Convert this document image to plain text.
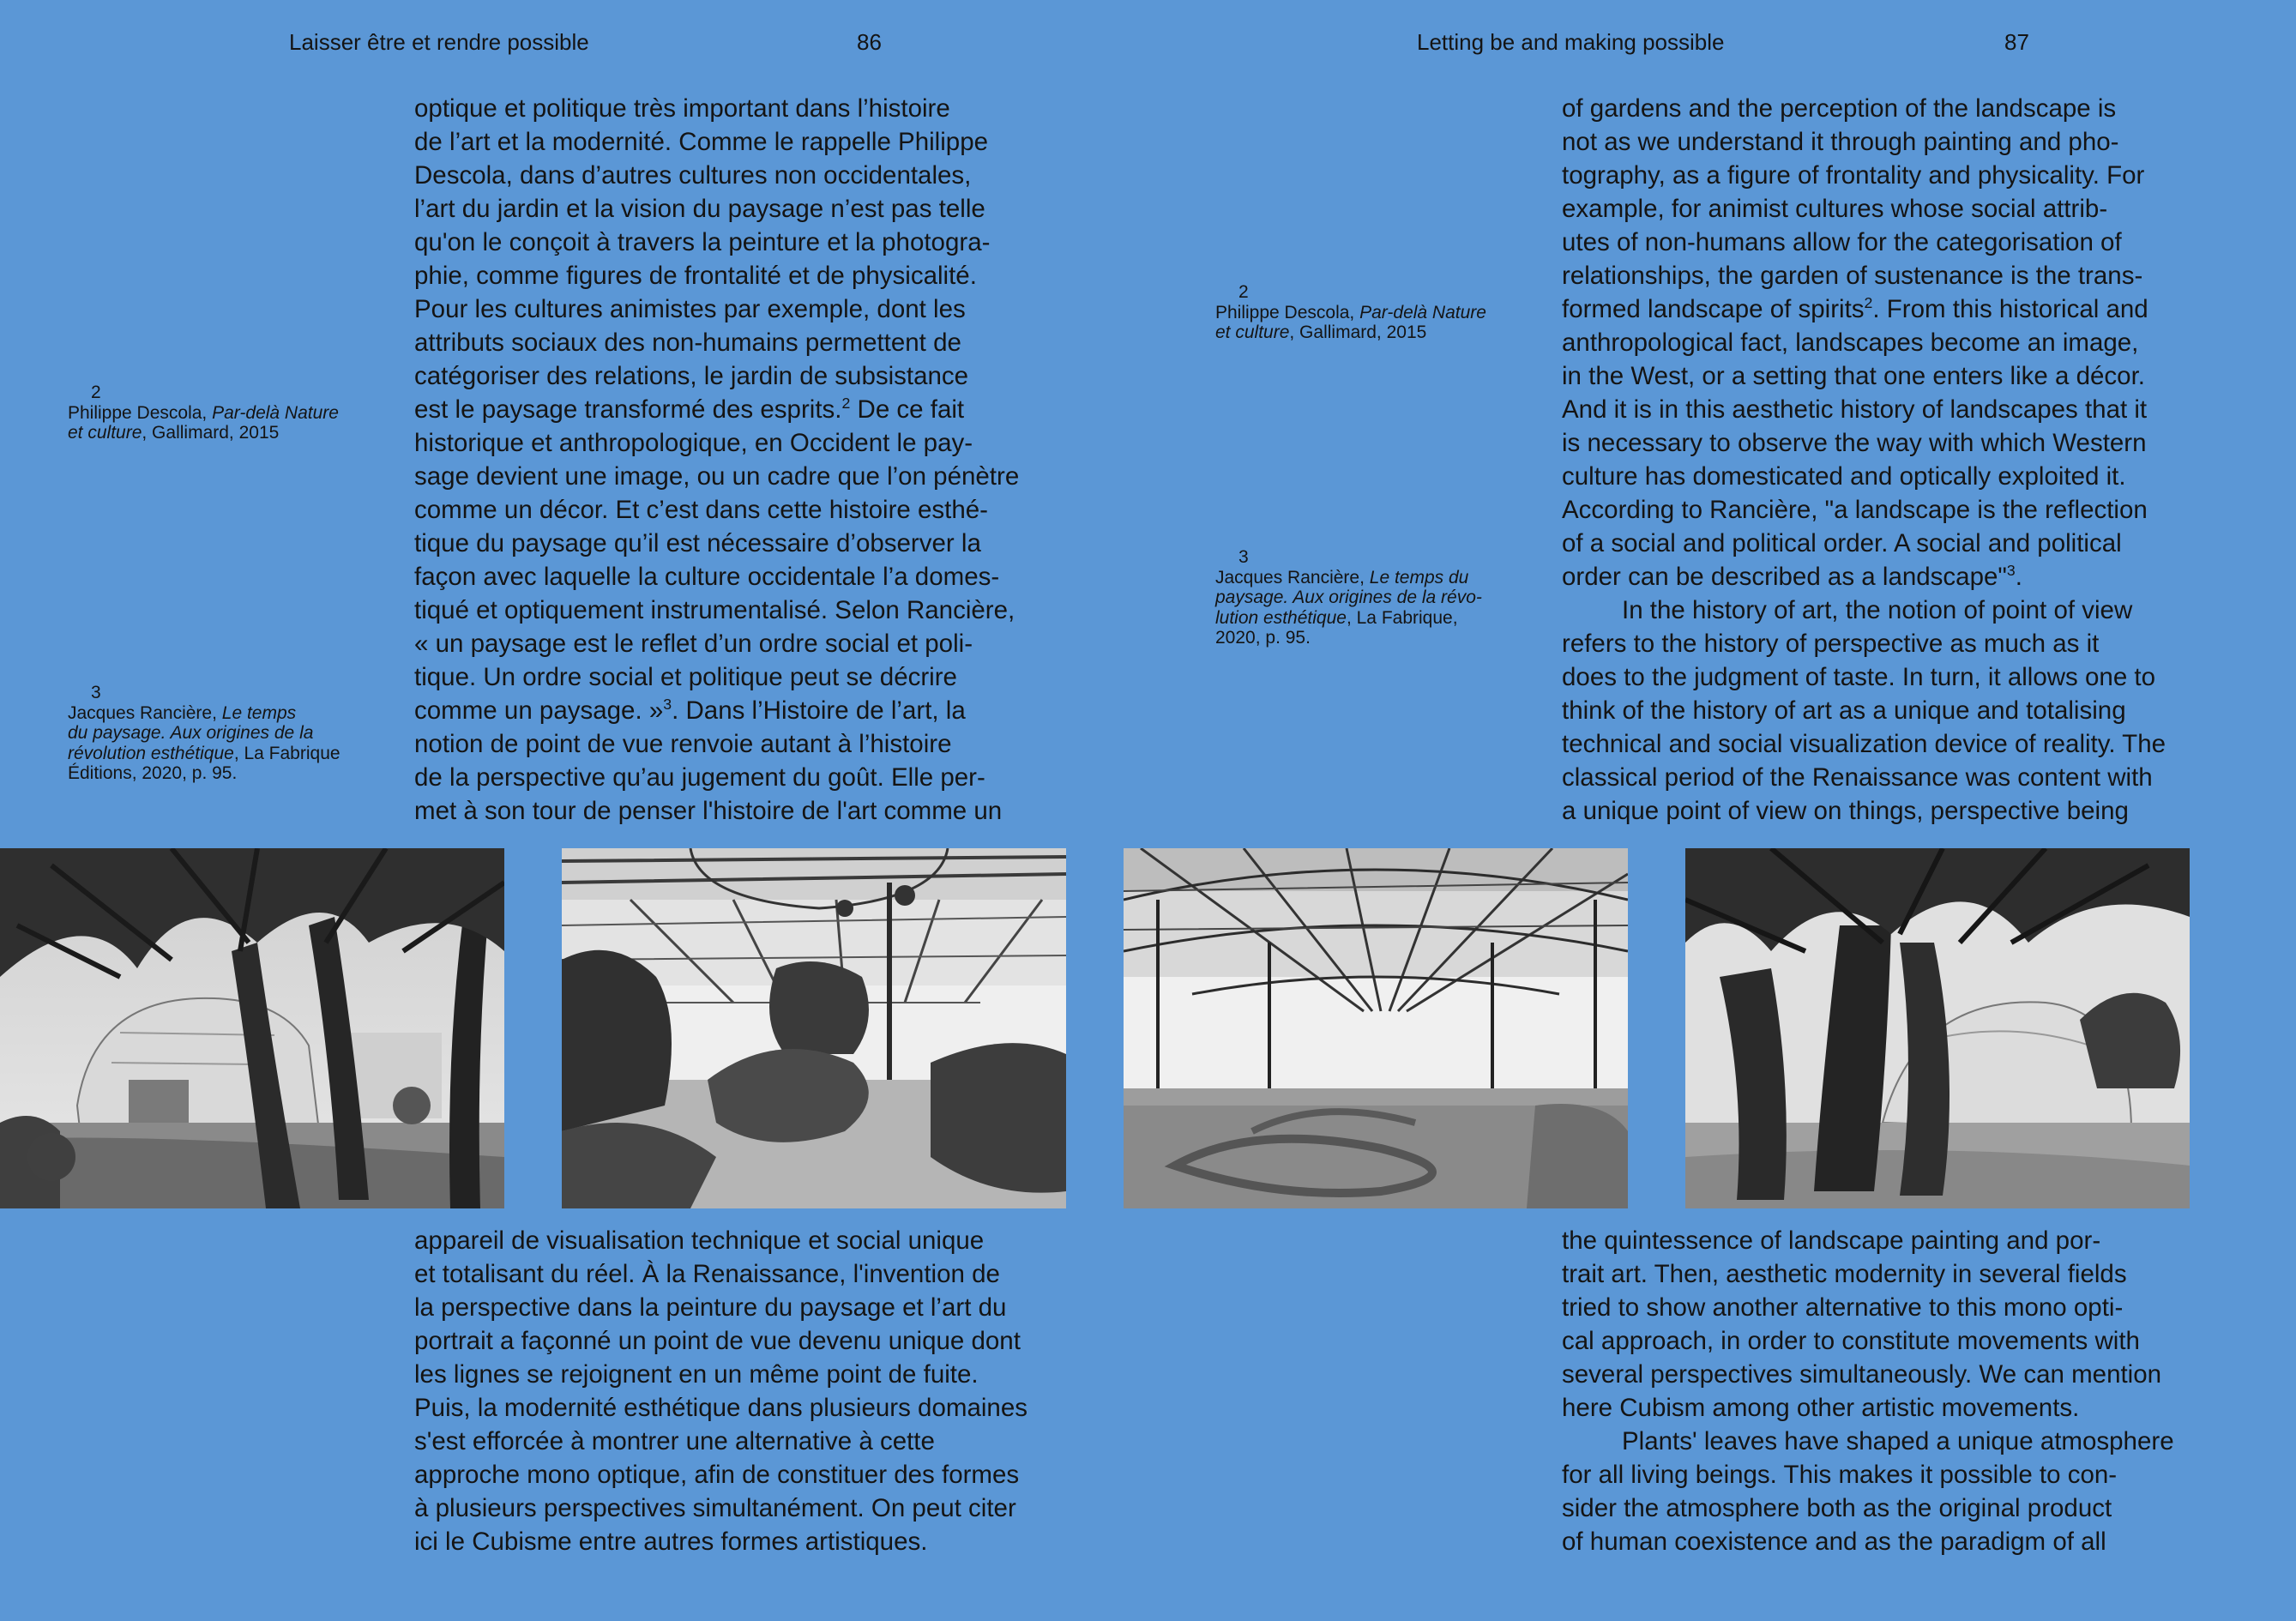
Laisser être et rendre possible	86	Letting be and making possible	87
optique et politique très important dans l’histoire
de l’art et la modernité. Comme le rappelle Philippe
Descola, dans d’autres cultures non occidentales,
l’art du jardin et la vision du paysage n’est pas telle
qu'on le conçoit à travers la peinture et la photogra-
phie, comme figures de frontalité et de physicalité.
Pour les cultures animistes par exemple, dont les
attributs sociaux des non-humains permettent de
catégoriser des relations, le jardin de subsistance
est le paysage transformé des esprits.$^2$ De ce fait
historique et anthropologique, en Occident le pay-
sage devient une image, ou un cadre que l’on pénètre
comme un décor. Et c’est dans cette histoire esthé-
tique du paysage qu’il est nécessaire d’observer la
façon avec laquelle la culture occidentale l’a domes-
tiqué et optiquement instrumentalisé. Selon Rancière,
« un paysage est le reflet d’un ordre social et poli-
tique. Un ordre social et politique peut se décrire
comme un paysage. »$^3$. Dans l’Histoire de l’art, la
notion de point de vue renvoie autant à l’histoire
de la perspective qu’au jugement du goût. Elle per-
met à son tour de penser l'histoire de l'art comme un
2
Philippe Descola, Par-delà Nature
et culture, Gallimard, 2015
3
Jacques Rancière, Le temps
du paysage. Aux origines de la
révolution esthétique, La Fabrique
Éditions, 2020, p. 95.
of gardens and the perception of the landscape is
not as we understand it through painting and pho-
tography, as a figure of frontality and physicality. For
example, for animist cultures whose social attrib-
utes of non-humans allow for the categorisation of
relationships, the garden of sustenance is the trans-
formed landscape of spirits$^2$. From this historical and
anthropological fact, landscapes become an image,
in the West, or a setting that one enters like a décor.
And it is in this aesthetic history of landscapes that it
is necessary to observe the way with which Western
culture has domesticated and optically exploited it.
According to Rancière, "a landscape is the reflection
of a social and political order. A social and political
order can be described as a landscape"$^3$.
In the history of art, the notion of point of view
refers to the history of perspective as much as it
does to the judgment of taste. In turn, it allows one to
think of the history of art as a unique and totalising
technical and social visualization device of reality. The
classical period of the Renaissance was content with
a unique point of view on things, perspective being
2
Philippe Descola, Par-delà Nature
et culture, Gallimard, 2015
3
Jacques Rancière, Le temps du
paysage. Aux origines de la révo-
lution esthétique, La Fabrique,
2020, p. 95.
appareil de visualisation technique et social unique
et totalisant du réel. À la Renaissance, l'invention de
la perspective dans la peinture du paysage et l’art du
portrait a façonné un point de vue devenu unique dont
les lignes se rejoignent en un même point de fuite.
Puis, la modernité esthétique dans plusieurs domaines
s'est efforcée à montrer une alternative à cette
approche mono optique, afin de constituer des formes
à plusieurs perspectives simultanément. On peut citer
ici le Cubisme entre autres formes artistiques.
the quintessence of landscape painting and por-
trait art. Then, aesthetic modernity in several fields
tried to show another alternative to this mono opti-
cal approach, in order to constitute movements with
several perspectives simultaneously. We can mention
here Cubism among other artistic movements.
Plants' leaves have shaped a unique atmosphere
for all living beings. This makes it possible to con-
sider the atmosphere both as the original product
of human coexistence and as the paradigm of all
